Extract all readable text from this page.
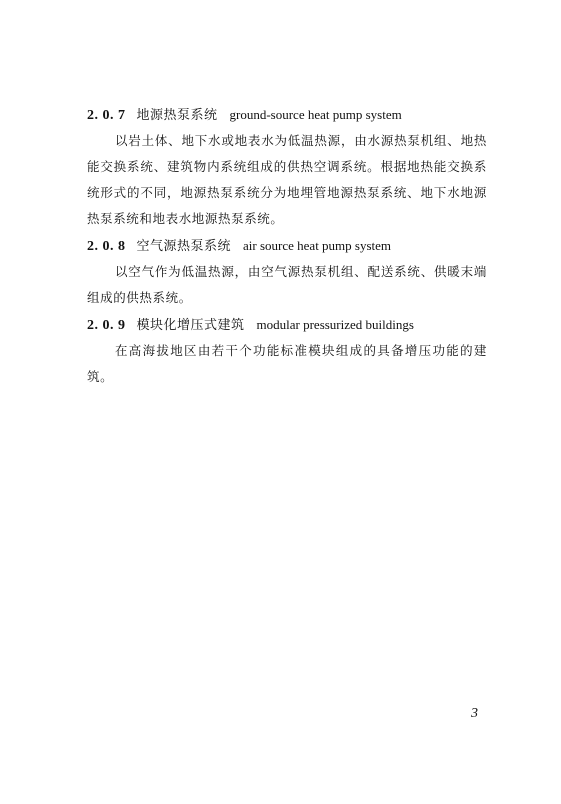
2. 0. 7 地源热泵系统 ground-source heat pump system

以岩土体、地下水或地表水为低温热源，由水源热泵机组、地热能交换系统、建筑物内系统组成的供热空调系统。根据地热能交换系统形式的不同，地源热泵系统分为地埋管地源热泵系统、地下水地源热泵系统和地表水地源热泵系统。

2. 0. 8 空气源热泵系统 air source heat pump system

以空气作为低温热源，由空气源热泵机组、配送系统、供暖末端组成的供热系统。

2. 0. 9 模块化增压式建筑 modular pressurized buildings

在高海拔地区由若干个功能标准模块组成的具备增压功能的建筑。

3
